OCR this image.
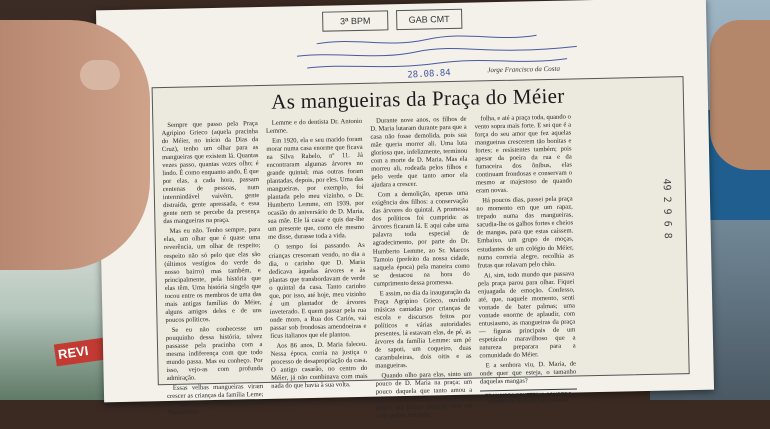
REVI
3ª BPM	GAB CMT
28.08.84	Jorge Francisco da Costa
As mangueiras da Praça do Méier

Sempre que passo pela Praça Agripino Grieco (aquela pracinha do Méier, no início da Dias da Cruz), tenho um olhar para as mangueiras que existem lá. Quantas vezes passo, quantas vezes olho; é lindo. É como enquanto ando, É que por elas, a cada hora, passam centenas de pessoas, num intermindável vaivém, gente distraída, gente apressada, e essa gente nem se percebe da presença das mangueiras na praça.

Mas eu não. Tenho sempre, para elas, um olhar que é quase uma reverência, um olhar de respeito; respeito não só pelo que elas são (últimos vestígios do verde do nosso bairro) mas também, e principalmente, pela história que elas têm. Uma história singela que tocou entre os membros de uma das mais antigas famílias do Méier, alguns amigos deles e de uns poucos políticos.

Se eu não conhecesse um pouquinho dessa história, talvez passasse pela pracinha com a mesma indiferença com que todo mundo passa. Mas eu conheço. Por isso, vejo-as com profunda admiração.

Essas velhas mangueiras viram crescer as crianças da família Leme; os doze filhos de D. Maria do Nascimento

Lemme e do dentista Dr. Antonio Lemme.

Em 1920, ela e seu marido foram morar numa casa enorme que ficava na Silva Rabelo, nº 11. Já encontraram algumas árvores no grande quintal; mas outras foram plantadas, depois, por eles. Uma das mangueiras, por exemplo, foi plantada pelo meu vizinho, o Dr. Humberto Lemme, em 1939, por ocasião do aniversário de D. Maria, sua mãe. Ele lá casar e quis dar-lhe um presente que, como ele mesmo me disse, durasse toda a vida.

O tempo foi passando. As crianças cresceram vendo, no dia a dia, o carinho que D. Maria dedicava àquelas árvores e às plantas que transbordavam de verde o quintal da casa. Tanto carinho que, por isso, até hoje, meu vizinho é um plantador de árvores inveterado. E quem passar pela rua onde moro, a Rua dos Cariós, vai passar sob frondosas amendoeiras e ficus italianos que ele plantou.

Aos 86 anos, D. Maria faleceu. Nessa época, corria na justiça o processo de desapropriação da casa. O antigo casarão, no centro do Méier, já não combinava com mais nada do que havia à sua volta.

Durante nove anos, os filhos de D. Maria lutaram durante para que a casa não fosse demolida, pois sua mãe queria morrer ali. Uma luta gloriosa que, infelizmente, terminou com a morte de D. Maria. Mas ela morreu ali, rodeada pelos filhos e pelo verde que tanto amor ela ajudara a crescer.

Com a demolição, apenas uma exigência dos filhos: a conservação das árvores do quintal. A promessa dos políticos foi cumprida: as árvores ficaram lá. E aqui cabe uma palavra toda especial de agradecimento, por parte do Dr. Humberto Lemme, ao Sr. Marcos Tamoio (prefeito da nossa cidade, naquela época) pela maneira como se destacou na hora do cumprimento dessa promessa.

E assim, no dia da inauguração da Praça Agripino Grieco, ouvindo músicas cantadas por crianças de escola e discursos feitos por políticos e várias autoridades presentes, lá estavam elas, de pé, as árvores da família Lemme: um pé de sapoti, um coqueiro, duas carambuleiras, dois oitis e as mangueiras.

Quando olho para elas, sinto um pouco de D. Maria na praça; um pouco daquela que tanto amou a vida. Um pouco, de D. Maria na praça; um pouco daquela vida em cada galho, em cada

folha, e até a praça toda, quando o vento sopra mais forte. E sei que é a força do seu amor que fez aquelas mangueiras crescerem tão bonitas e fortes; e resistentes também; pois apesar da poeira da rua e da fumaceira dos ônibus, elas continuam frondosas e conservam o mesmo ar majestoso de quando eram novas.

Há poucos dias, passei pela praça no momento em que um rapaz, trepado numa das mangueiras, sacudia-lhe os galhos fortes e cheios de mangas, para que estas caíssem. Embaixo, um grupo de moças, estudantes de um colégio do Méier, numa correria alegre, recolhia as frutas que rolavam pelo chão.

Ai, sim, todo mundo que passava pela praça parou para olhar. Fiquei enjuagada de emoção. Confesso, até, que, naquele momento, senti vontade de bater palmas; uma vontade enorme de aplaudir, com entusiasmo, as mangueiras da praça — figuras principais de um espetáculo maravilhoso que a natureza preparara para a comunidade do Méier.

E a senhora viu, D. Maria, de onde quer que esteja, o tamanho daquelas mangas?

FRANCISCA SCHETTINO SOMBERG
(Professora de Santo dum. Lemme)
49 2 9 6 8
